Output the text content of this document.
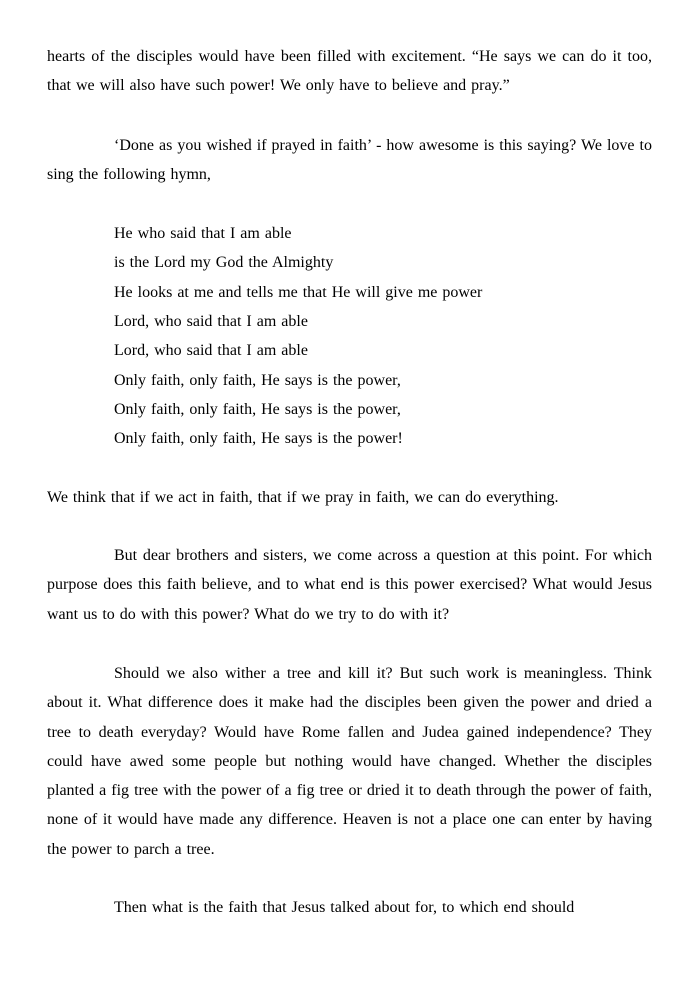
hearts of the disciples would have been filled with excitement. “He says we can do it too, that we will also have such power! We only have to believe and pray.”

‘Done as you wished if prayed in faith’ - how awesome is this saying? We love to sing the following hymn,

He who said that I am able
is the Lord my God the Almighty
He looks at me and tells me that He will give me power
Lord, who said that I am able
Lord, who said that I am able
Only faith, only faith, He says is the power,
Only faith, only faith, He says is the power,
Only faith, only faith, He says is the power!

We think that if we act in faith, that if we pray in faith, we can do everything.

But dear brothers and sisters, we come across a question at this point. For which purpose does this faith believe, and to what end is this power exercised? What would Jesus want us to do with this power? What do we try to do with it?

Should we also wither a tree and kill it? But such work is meaningless. Think about it. What difference does it make had the disciples been given the power and dried a tree to death everyday? Would have Rome fallen and Judea gained independence? They could have awed some people but nothing would have changed. Whether the disciples planted a fig tree with the power of a fig tree or dried it to death through the power of faith, none of it would have made any difference. Heaven is not a place one can enter by having the power to parch a tree.

Then what is the faith that Jesus talked about for, to which end should
